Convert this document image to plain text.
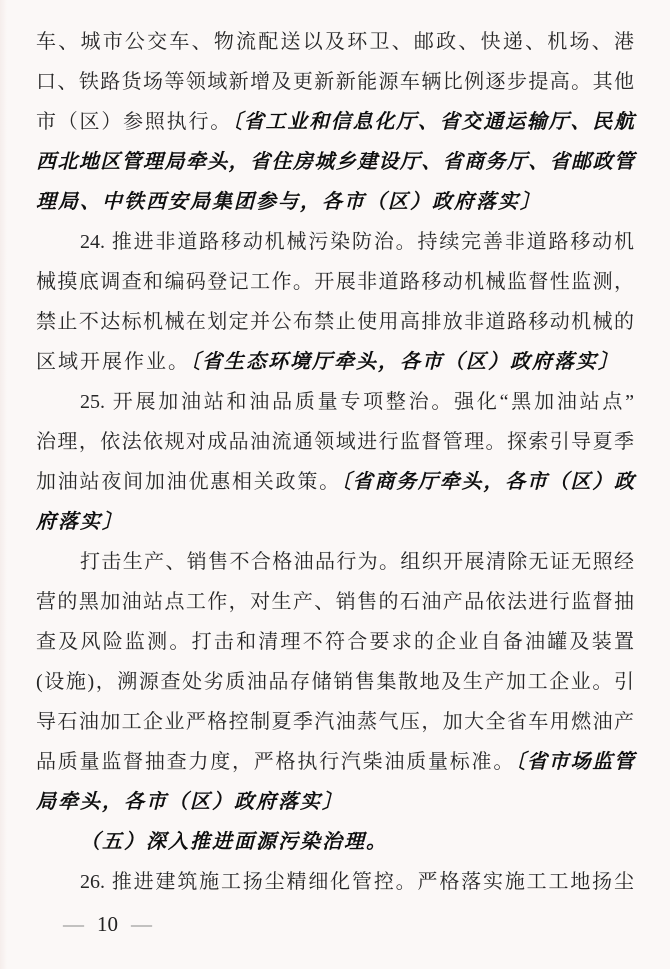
车、城市公交车、物流配送以及环卫、邮政、快递、机场、港
口、铁路货场等领域新增及更新新能源车辆比例逐步提高。其他
市（区）参照执行。〔省工业和信息化厅、省交通运输厅、民航
西北地区管理局牵头，省住房城乡建设厅、省商务厅、省邮政管
理局、中铁西安局集团参与，各市（区）政府落实〕
24. 推进非道路移动机械污染防治。持续完善非道路移动机
械摸底调查和编码登记工作。开展非道路移动机械监督性监测，
禁止不达标机械在划定并公布禁止使用高排放非道路移动机械的
区域开展作业。〔省生态环境厅牵头，各市（区）政府落实〕
25. 开展加油站和油品质量专项整治。强化“黑加油站点”
治理，依法依规对成品油流通领域进行监督管理。探索引导夏季
加油站夜间加油优惠相关政策。〔省商务厅牵头，各市（区）政
府落实〕
打击生产、销售不合格油品行为。组织开展清除无证无照经
营的黑加油站点工作，对生产、销售的石油产品依法进行监督抽
查及风险监测。打击和清理不符合要求的企业自备油罐及装置
(设施)，溯源查处劣质油品存储销售集散地及生产加工企业。引
导石油加工企业严格控制夏季汽油蒸气压，加大全省车用燃油产
品质量监督抽查力度，严格执行汽柴油质量标准。〔省市场监管
局牵头，各市（区）政府落实〕
（五）深入推进面源污染治理。
26. 推进建筑施工扬尘精细化管控。严格落实施工工地扬尘
— 10 —
